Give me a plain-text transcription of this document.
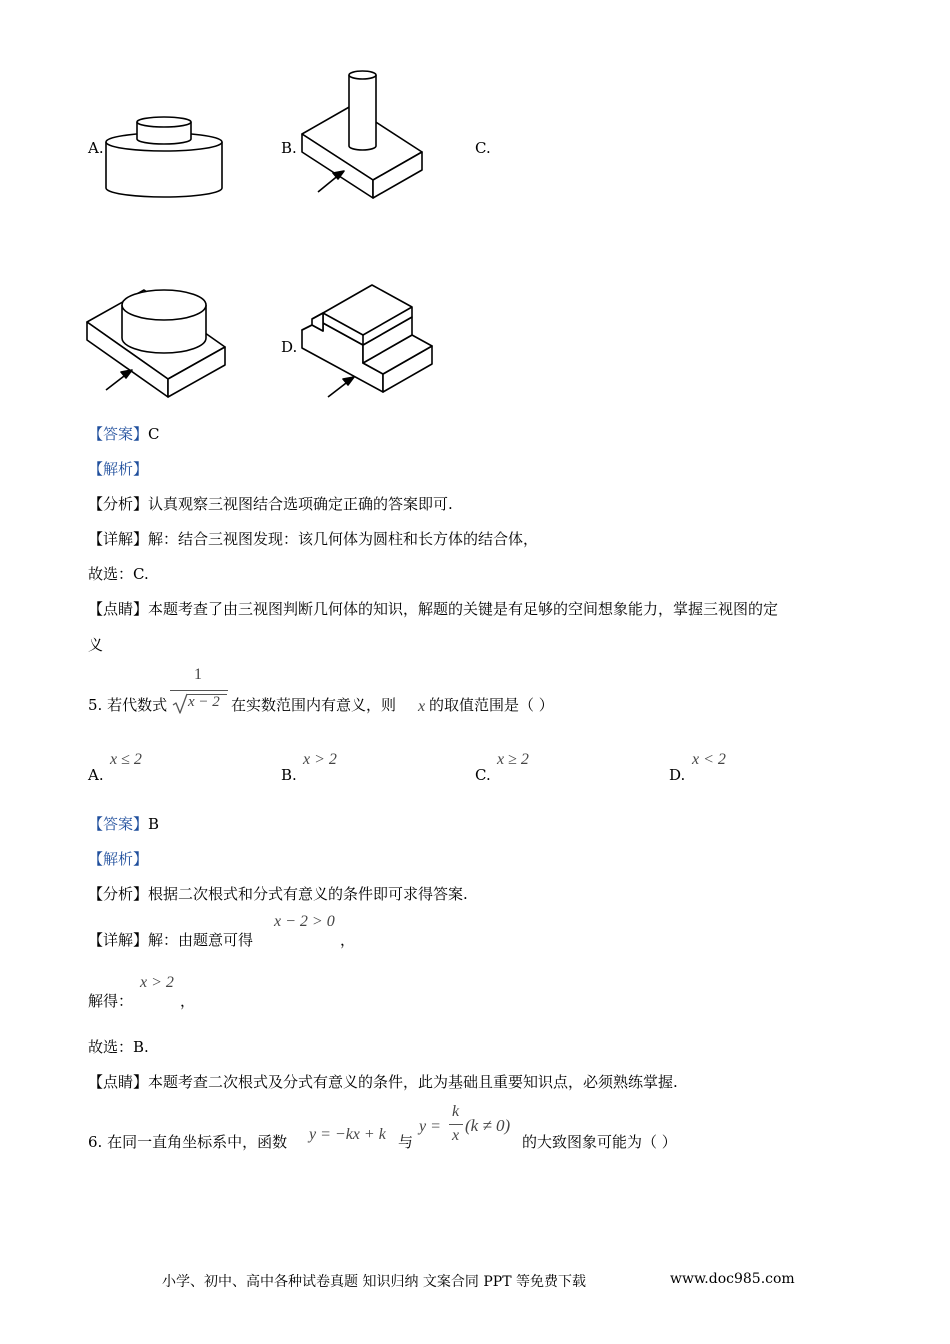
A.	B.	C.
D.
【答案】C
【解析】
【分析】认真观察三视图结合选项确定正确的答案即可.
【详解】解：结合三视图发现：该几何体为圆柱和长方体的结合体，
故选：C.
【点睛】本题考查了由三视图判断几何体的知识，解题的关键是有足够的空间想象能力，掌握三视图的定
义
5. 若代数式
1
x − 2 在实数范围内有意义，则 x 的取值范围是（ ）
A.
x ≤ 2
B.
x > 2
C.
x ≥ 2
D.
x < 2
【答案】B
【解析】
【分析】根据二次根式和分式有意义的条件即可求得答案.
【详解】解：由题意可得
x − 2 > 0
，
解得：
x > 2
，
故选：B.
【点睛】本题考查二次根式及分式有意义的条件，此为基础且重要知识点，必须熟练掌握.
6. 在同一直角坐标系中，函数 y = −kx + k 与
y =
k
x
(k ≠ 0)
的大致图象可能为（ ）
小学、初中、高中各种试卷真题 知识归纳 文案合同 PPT 等免费下载	www.doc985.com
